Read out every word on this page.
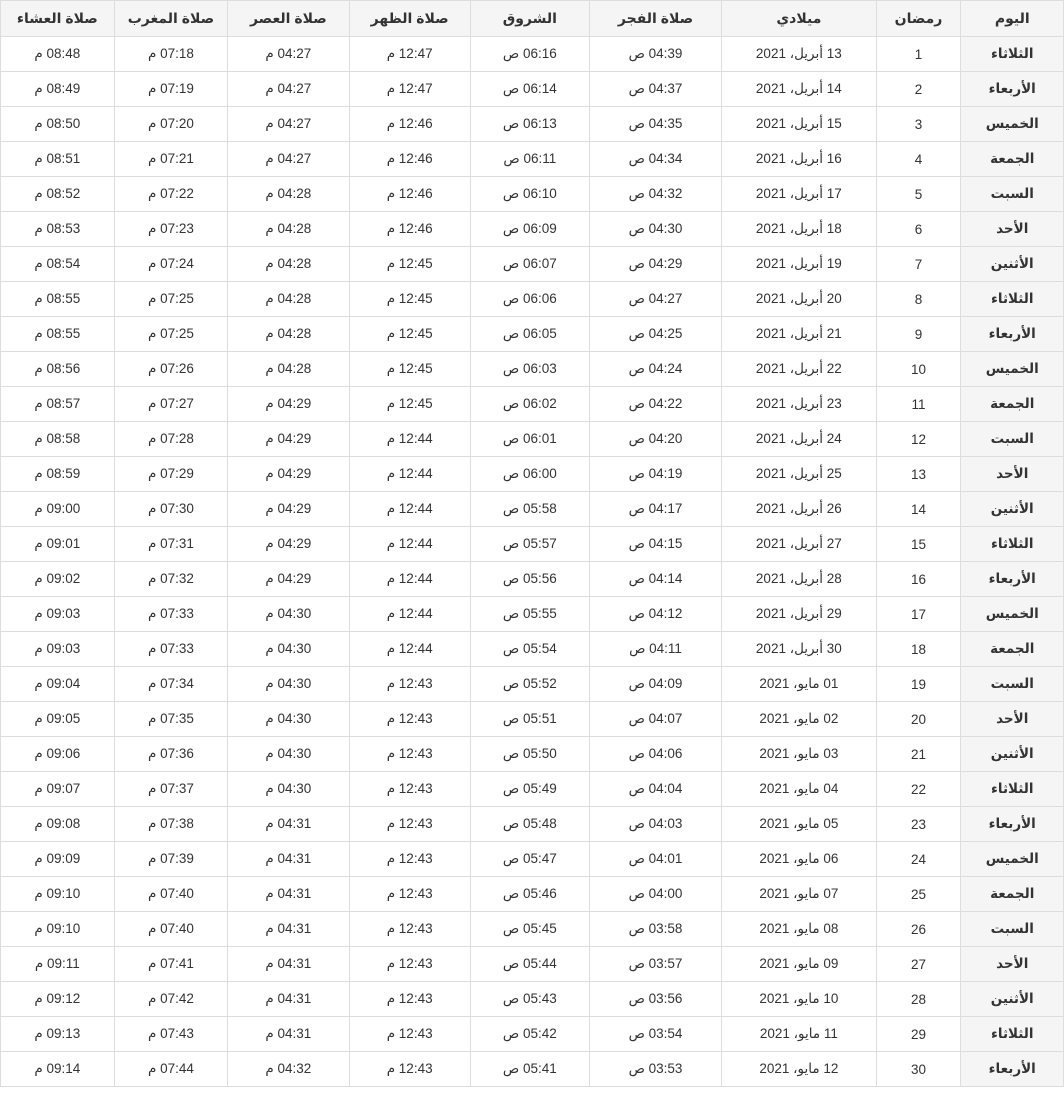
اليوم	رمضان	ميلادي	صلاة الفجر	الشروق	صلاة الظهر	صلاة العصر	صلاة المغرب	صلاة العشاء
الثلاثاء	1	13 أبريل، 2021	04:39 ص	06:16 ص	12:47 م	04:27 م	07:18 م	08:48 م
الأربعاء	2	14 أبريل، 2021	04:37 ص	06:14 ص	12:47 م	04:27 م	07:19 م	08:49 م
الخميس	3	15 أبريل، 2021	04:35 ص	06:13 ص	12:46 م	04:27 م	07:20 م	08:50 م
الجمعة	4	16 أبريل، 2021	04:34 ص	06:11 ص	12:46 م	04:27 م	07:21 م	08:51 م
السبت	5	17 أبريل، 2021	04:32 ص	06:10 ص	12:46 م	04:28 م	07:22 م	08:52 م
الأحد	6	18 أبريل، 2021	04:30 ص	06:09 ص	12:46 م	04:28 م	07:23 م	08:53 م
الأثنين	7	19 أبريل، 2021	04:29 ص	06:07 ص	12:45 م	04:28 م	07:24 م	08:54 م
الثلاثاء	8	20 أبريل، 2021	04:27 ص	06:06 ص	12:45 م	04:28 م	07:25 م	08:55 م
الأربعاء	9	21 أبريل، 2021	04:25 ص	06:05 ص	12:45 م	04:28 م	07:25 م	08:55 م
الخميس	10	22 أبريل، 2021	04:24 ص	06:03 ص	12:45 م	04:28 م	07:26 م	08:56 م
الجمعة	11	23 أبريل، 2021	04:22 ص	06:02 ص	12:45 م	04:29 م	07:27 م	08:57 م
السبت	12	24 أبريل، 2021	04:20 ص	06:01 ص	12:44 م	04:29 م	07:28 م	08:58 م
الأحد	13	25 أبريل، 2021	04:19 ص	06:00 ص	12:44 م	04:29 م	07:29 م	08:59 م
الأثنين	14	26 أبريل، 2021	04:17 ص	05:58 ص	12:44 م	04:29 م	07:30 م	09:00 م
الثلاثاء	15	27 أبريل، 2021	04:15 ص	05:57 ص	12:44 م	04:29 م	07:31 م	09:01 م
الأربعاء	16	28 أبريل، 2021	04:14 ص	05:56 ص	12:44 م	04:29 م	07:32 م	09:02 م
الخميس	17	29 أبريل، 2021	04:12 ص	05:55 ص	12:44 م	04:30 م	07:33 م	09:03 م
الجمعة	18	30 أبريل، 2021	04:11 ص	05:54 ص	12:44 م	04:30 م	07:33 م	09:03 م
السبت	19	01 مايو، 2021	04:09 ص	05:52 ص	12:43 م	04:30 م	07:34 م	09:04 م
الأحد	20	02 مايو، 2021	04:07 ص	05:51 ص	12:43 م	04:30 م	07:35 م	09:05 م
الأثنين	21	03 مايو، 2021	04:06 ص	05:50 ص	12:43 م	04:30 م	07:36 م	09:06 م
الثلاثاء	22	04 مايو، 2021	04:04 ص	05:49 ص	12:43 م	04:30 م	07:37 م	09:07 م
الأربعاء	23	05 مايو، 2021	04:03 ص	05:48 ص	12:43 م	04:31 م	07:38 م	09:08 م
الخميس	24	06 مايو، 2021	04:01 ص	05:47 ص	12:43 م	04:31 م	07:39 م	09:09 م
الجمعة	25	07 مايو، 2021	04:00 ص	05:46 ص	12:43 م	04:31 م	07:40 م	09:10 م
السبت	26	08 مايو، 2021	03:58 ص	05:45 ص	12:43 م	04:31 م	07:40 م	09:10 م
الأحد	27	09 مايو، 2021	03:57 ص	05:44 ص	12:43 م	04:31 م	07:41 م	09:11 م
الأثنين	28	10 مايو، 2021	03:56 ص	05:43 ص	12:43 م	04:31 م	07:42 م	09:12 م
الثلاثاء	29	11 مايو، 2021	03:54 ص	05:42 ص	12:43 م	04:31 م	07:43 م	09:13 م
الأربعاء	30	12 مايو، 2021	03:53 ص	05:41 ص	12:43 م	04:32 م	07:44 م	09:14 م
